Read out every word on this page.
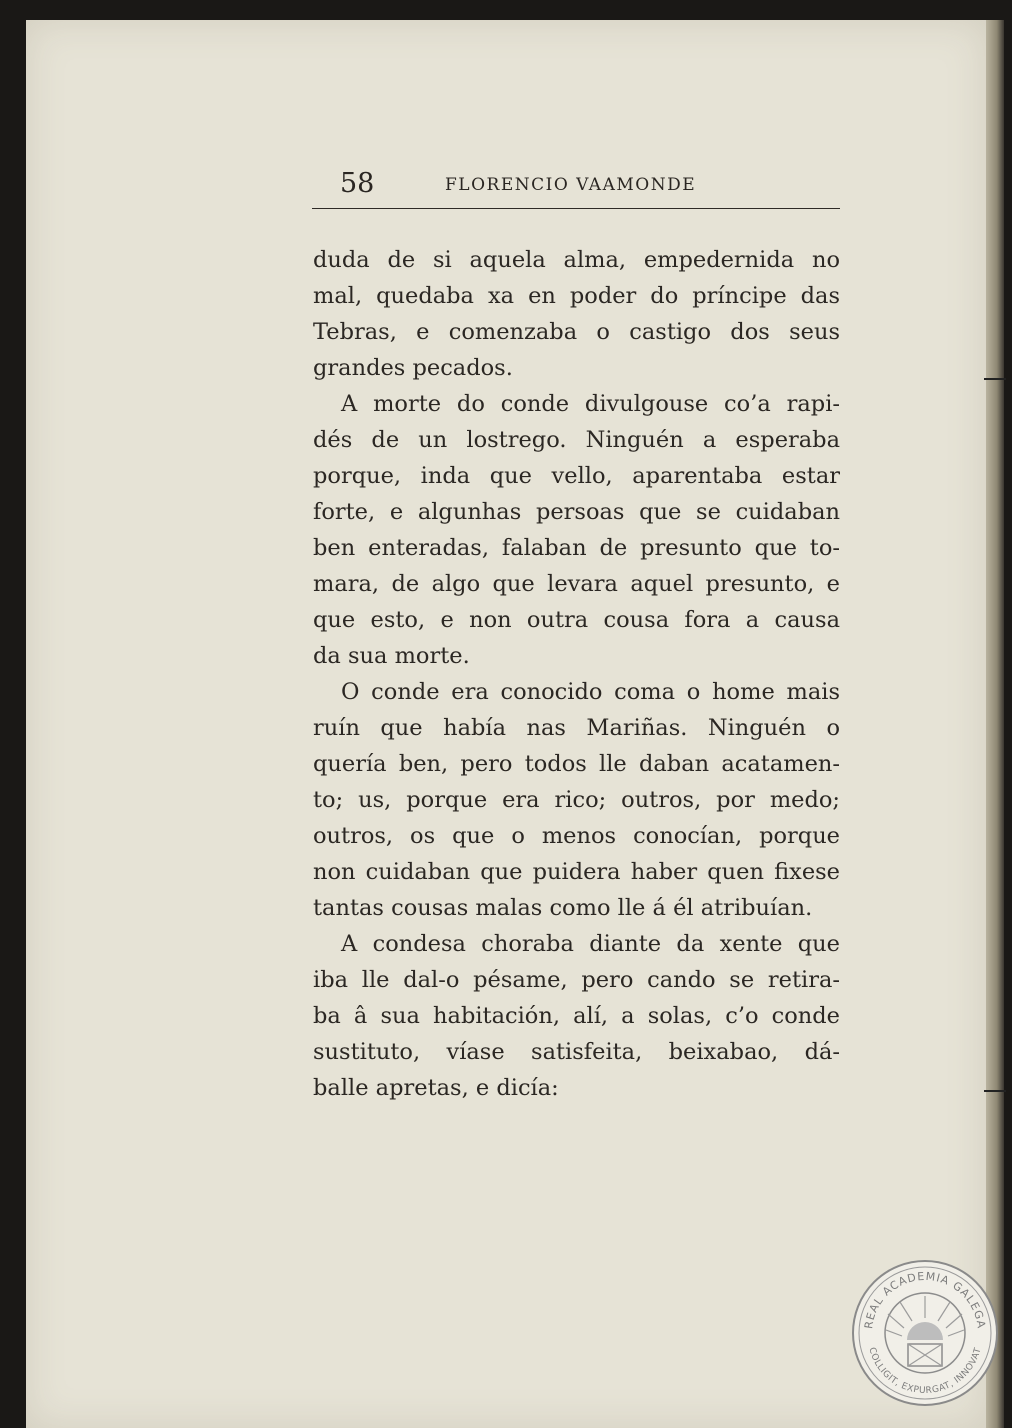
58	FLORENCIO VAAMONDE
duda de si aquela alma, empedernida no
mal, quedaba xa en poder do príncipe das
Tebras, e comenzaba o castigo dos seus
grandes pecados.
A morte do conde divulgouse co’a rapi-
dés de un lostrego. Ninguén a esperaba
porque, inda que vello, aparentaba estar
forte, e algunhas persoas que se cuidaban
ben enteradas, falaban de presunto que to-
mara, de algo que levara aquel presunto, e
que esto, e non outra cousa fora a causa
da sua morte.
O conde era conocido coma o home mais
ruín que había nas Mariñas. Ninguén o
quería ben, pero todos lle daban acatamen-
to; us, porque era rico; outros, por medo;
outros, os que o menos conocían, porque
non cuidaban que puidera haber quen fixese
tantas cousas malas como lle á él atribuían.
A condesa choraba diante da xente que
iba lle dal-o pésame, pero cando se retira-
ba â sua habitación, alí, a solas, c’o conde
sustituto, víase satisfeita, beixabao, dá-
balle apretas, e dicía:
REAL ACADEMIA GALEGA
COLLIGIT, EXPURGAT, INNOVAT
